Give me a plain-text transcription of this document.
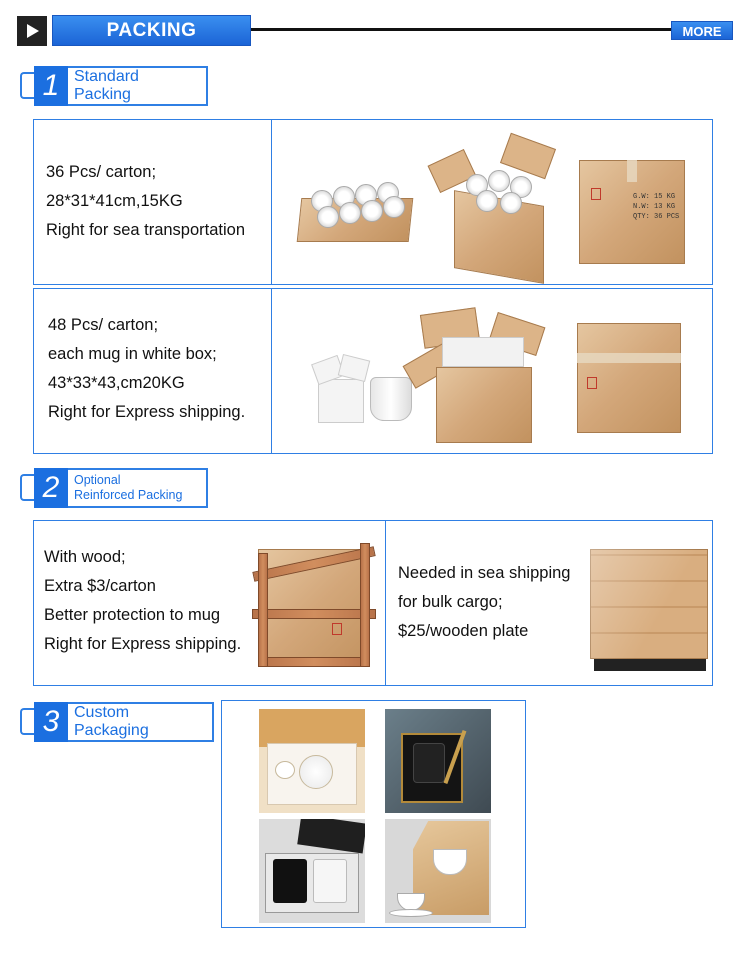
PACKING	MORE
1 Standard Packing
36 Pcs/ carton;
28*31*41cm,15KG
Right for sea transportation
G.W: 15 KG
N.W: 13 KG
QTY: 36 PCS
48 Pcs/ carton;
each mug in white box;
43*33*43,cm20KG
Right for Express shipping.
2	Optional
Reinforced Packing
With wood;
Extra $3/carton
Better protection to mug
Right for Express shipping.
Needed in sea shipping
for bulk cargo;
$25/wooden plate
3 Custom Packaging
